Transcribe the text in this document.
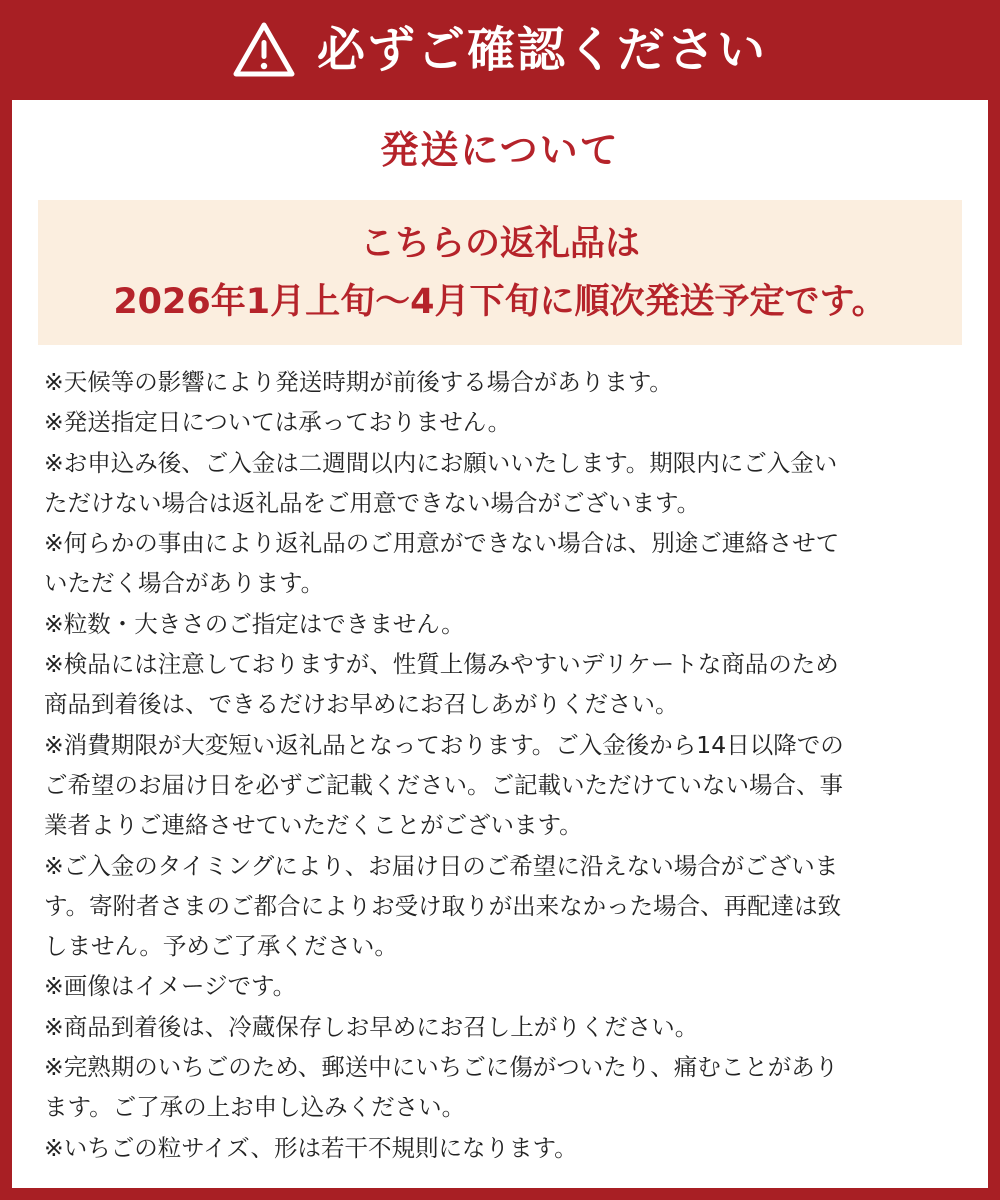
必ずご確認ください
発送について
こちらの返礼品は
2026年1月上旬～4月下旬に順次発送予定です。
※天候等の影響により発送時期が前後する場合があります。
※発送指定日については承っておりません。
※お申込み後、ご入金は二週間以内にお願いいたします。期限内にご入金い
ただけない場合は返礼品をご用意できない場合がございます。
※何らかの事由により返礼品のご用意ができない場合は、別途ご連絡させて
いただく場合があります。
※粒数・大きさのご指定はできません。
※検品には注意しておりますが、性質上傷みやすいデリケートな商品のため
商品到着後は、できるだけお早めにお召しあがりください。
※消費期限が大変短い返礼品となっております。ご入金後から14日以降での
ご希望のお届け日を必ずご記載ください。ご記載いただけていない場合、事
業者よりご連絡させていただくことがございます。
※ご入金のタイミングにより、お届け日のご希望に沿えない場合がございま
す。寄附者さまのご都合によりお受け取りが出来なかった場合、再配達は致
しません。予めご了承ください。
※画像はイメージです。
※商品到着後は、冷蔵保存しお早めにお召し上がりください。
※完熟期のいちごのため、郵送中にいちごに傷がついたり、痛むことがあり
ます。ご了承の上お申し込みください。
※いちごの粒サイズ、形は若干不規則になります。
